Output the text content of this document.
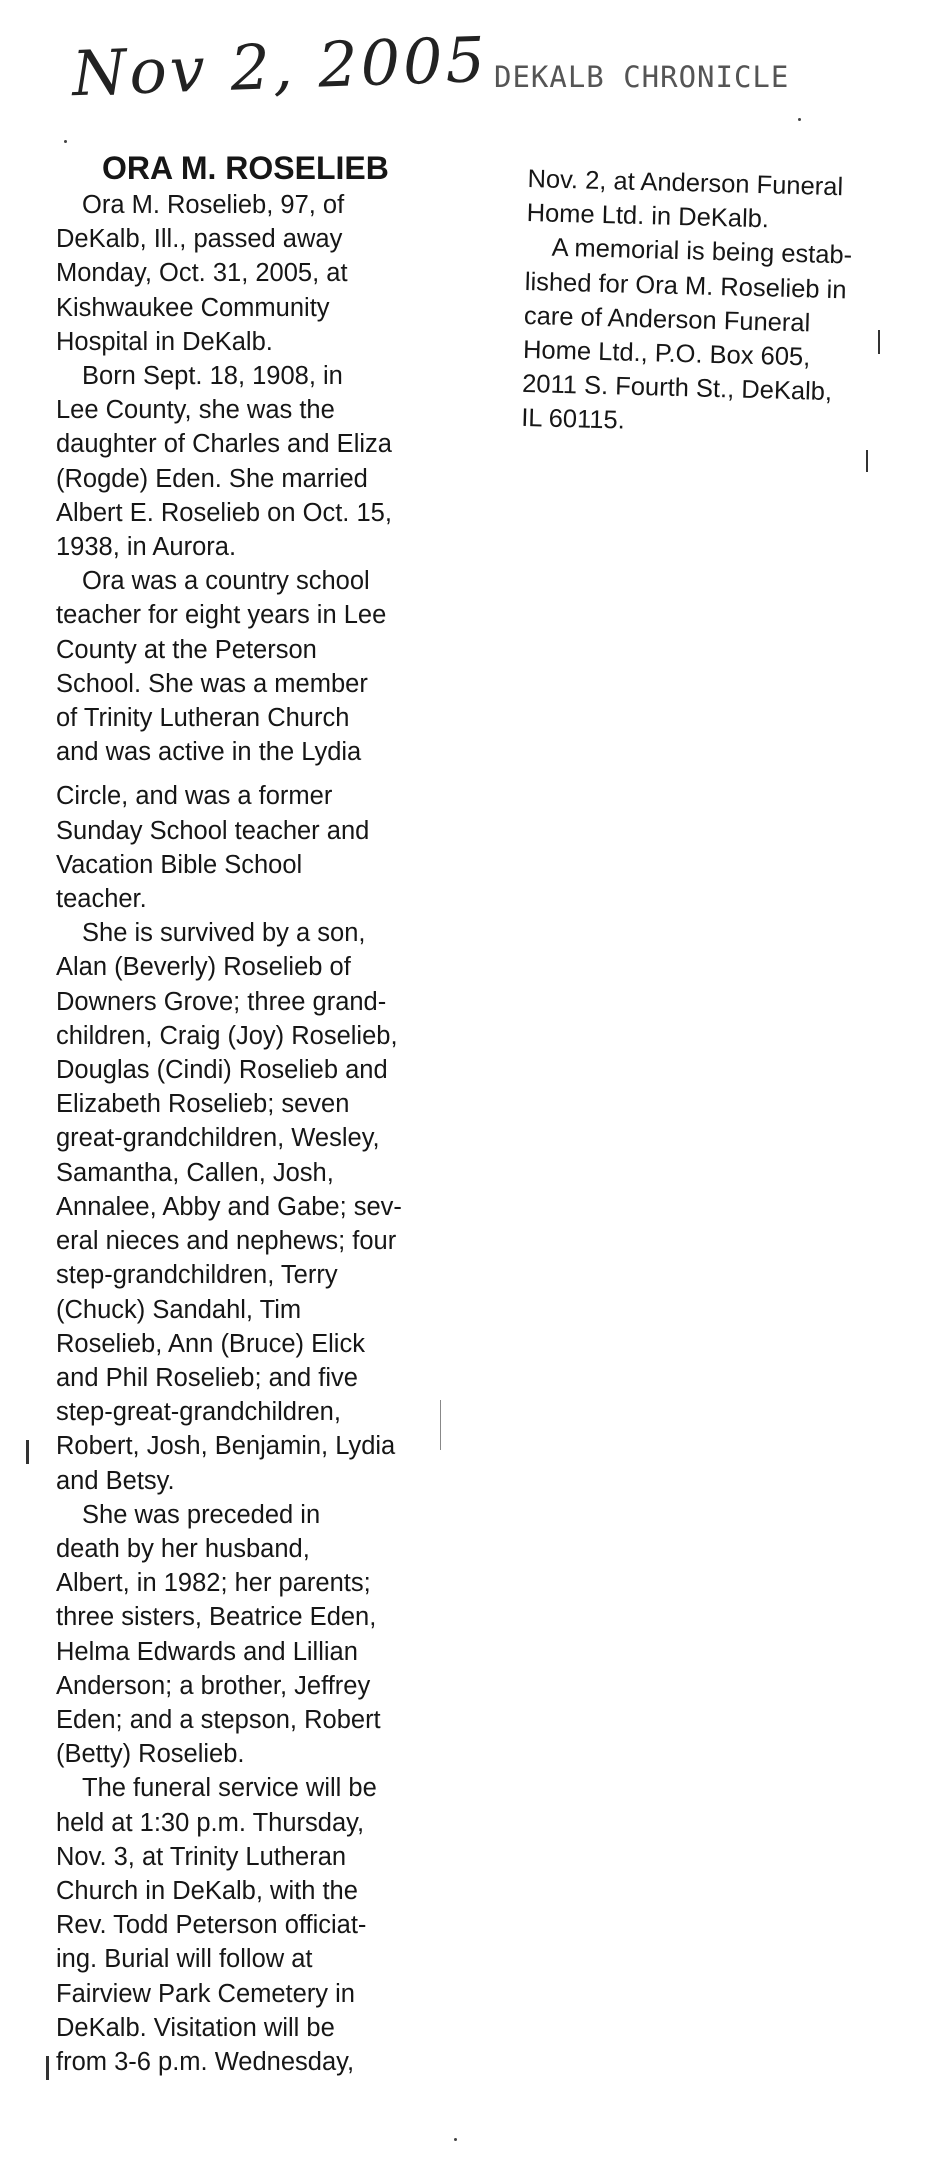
Nov 2, 2005 DEKALB CHRONICLE
ORA M. ROSELIEB
Ora M. Roselieb, 97, of
DeKalb, Ill., passed away
Monday, Oct. 31, 2005, at
Kishwaukee Community
Hospital in DeKalb.
Born Sept. 18, 1908, in
Lee County, she was the
daughter of Charles and Eliza
(Rogde) Eden. She married
Albert E. Roselieb on Oct. 15,
1938, in Aurora.
Ora was a country school
teacher for eight years in Lee
County at the Peterson
School. She was a member
of Trinity Lutheran Church
and was active in the Lydia
Circle, and was a former
Sunday School teacher and
Vacation Bible School
teacher.
She is survived by a son,
Alan (Beverly) Roselieb of
Downers Grove; three grand-
children, Craig (Joy) Roselieb,
Douglas (Cindi) Roselieb and
Elizabeth Roselieb; seven
great-grandchildren, Wesley,
Samantha, Callen, Josh,
Annalee, Abby and Gabe; sev-
eral nieces and nephews; four
step-grandchildren, Terry
(Chuck) Sandahl, Tim
Roselieb, Ann (Bruce) Elick
and Phil Roselieb; and five
step-great-grandchildren,
Robert, Josh, Benjamin, Lydia
and Betsy.
She was preceded in
death by her husband,
Albert, in 1982; her parents;
three sisters, Beatrice Eden,
Helma Edwards and Lillian
Anderson; a brother, Jeffrey
Eden; and a stepson, Robert
(Betty) Roselieb.
The funeral service will be
held at 1:30 p.m. Thursday,
Nov. 3, at Trinity Lutheran
Church in DeKalb, with the
Rev. Todd Peterson officiat-
ing. Burial will follow at
Fairview Park Cemetery in
DeKalb. Visitation will be
from 3-6 p.m. Wednesday,
Nov. 2, at Anderson Funeral
Home Ltd. in DeKalb.
A memorial is being estab-
lished for Ora M. Roselieb in
care of Anderson Funeral
Home Ltd., P.O. Box 605,
2011 S. Fourth St., DeKalb,
IL 60115.
